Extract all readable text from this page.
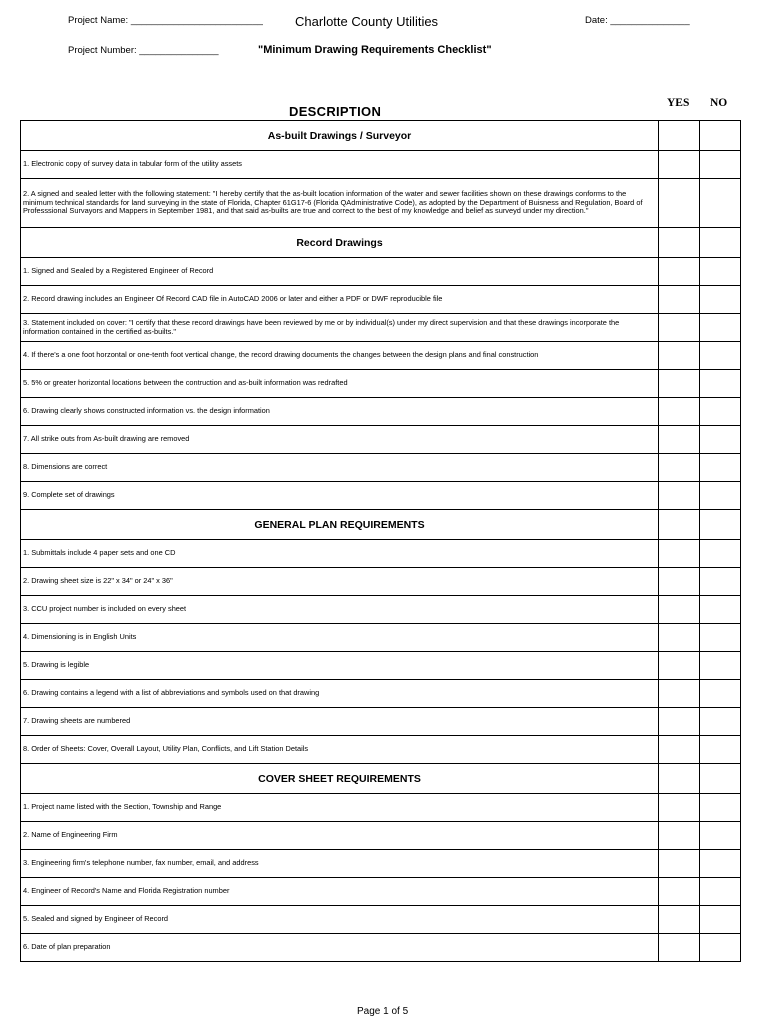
Project Name: _________________________ Charlotte County Utilities	Date: _______________
Project Number: _______________	"Minimum Drawing Requirements Checklist"
DESCRIPTION
YES NO
As-built Drawings / Surveyor		
1. Electronic copy of survey data in tabular form of the utility assets		
2. A signed and sealed letter with the following statement: "I hereby certify that the as-built location information of the water and sewer facilities shown on these drawings conforms to the minimum technical standards for land surveying in the state of Florida, Chapter 61G17-6 (Florida QAdministrative Code), as adopted by the Department of Buisness and Regulation, Board of Professsional Survayors and Mappers in September 1981, and that said as-builts are true and correct to the best of my knowledge and belief as surveyd under my direction."		
Record Drawings		
1. Signed and Sealed by a Registered Engineer of Record		
2. Record drawing includes an Engineer Of Record CAD file in AutoCAD 2006 or later and either a PDF or DWF reproducible file		
3. Statement included on cover: "I certify that these record drawings have been reviewed by me or by individual(s) under my direct supervision and that these drawings incorporate the information contained in the certified as-builts."		
4. If there's a one foot horzontal or one-tenth foot vertical change, the record drawing documents the changes between the design plans and final construction		
5. 5% or greater horizontal locations between the contruction and as-built information was redrafted		
6. Drawing clearly shows constructed information vs. the design information		
7. All strike outs from As-built drawing are removed		
8. Dimensions are correct		
9. Complete set of drawings		
GENERAL PLAN REQUIREMENTS		
1. Submittals include 4 paper sets and one CD		
2. Drawing sheet size is 22" x 34" or 24" x 36"		
3. CCU project number is included on every sheet		
4. Dimensioning is in English Units		
5. Drawing is legible		
6. Drawing contains a legend with a list of abbreviations and symbols used on that drawing		
7. Drawing sheets are numbered		
8. Order of Sheets: Cover, Overall Layout, Utility Plan, Conflicts, and Lift Station Details		
COVER SHEET REQUIREMENTS		
1. Project name listed with the Section, Township and Range		
2. Name of Engineering Firm		
3. Engineering firm's telephone number, fax number, email, and address		
4. Engineer of Record's Name and Florida Registration number		
5. Sealed and signed by Engineer of Record		
6. Date of plan preparation		
Page 1 of 5
